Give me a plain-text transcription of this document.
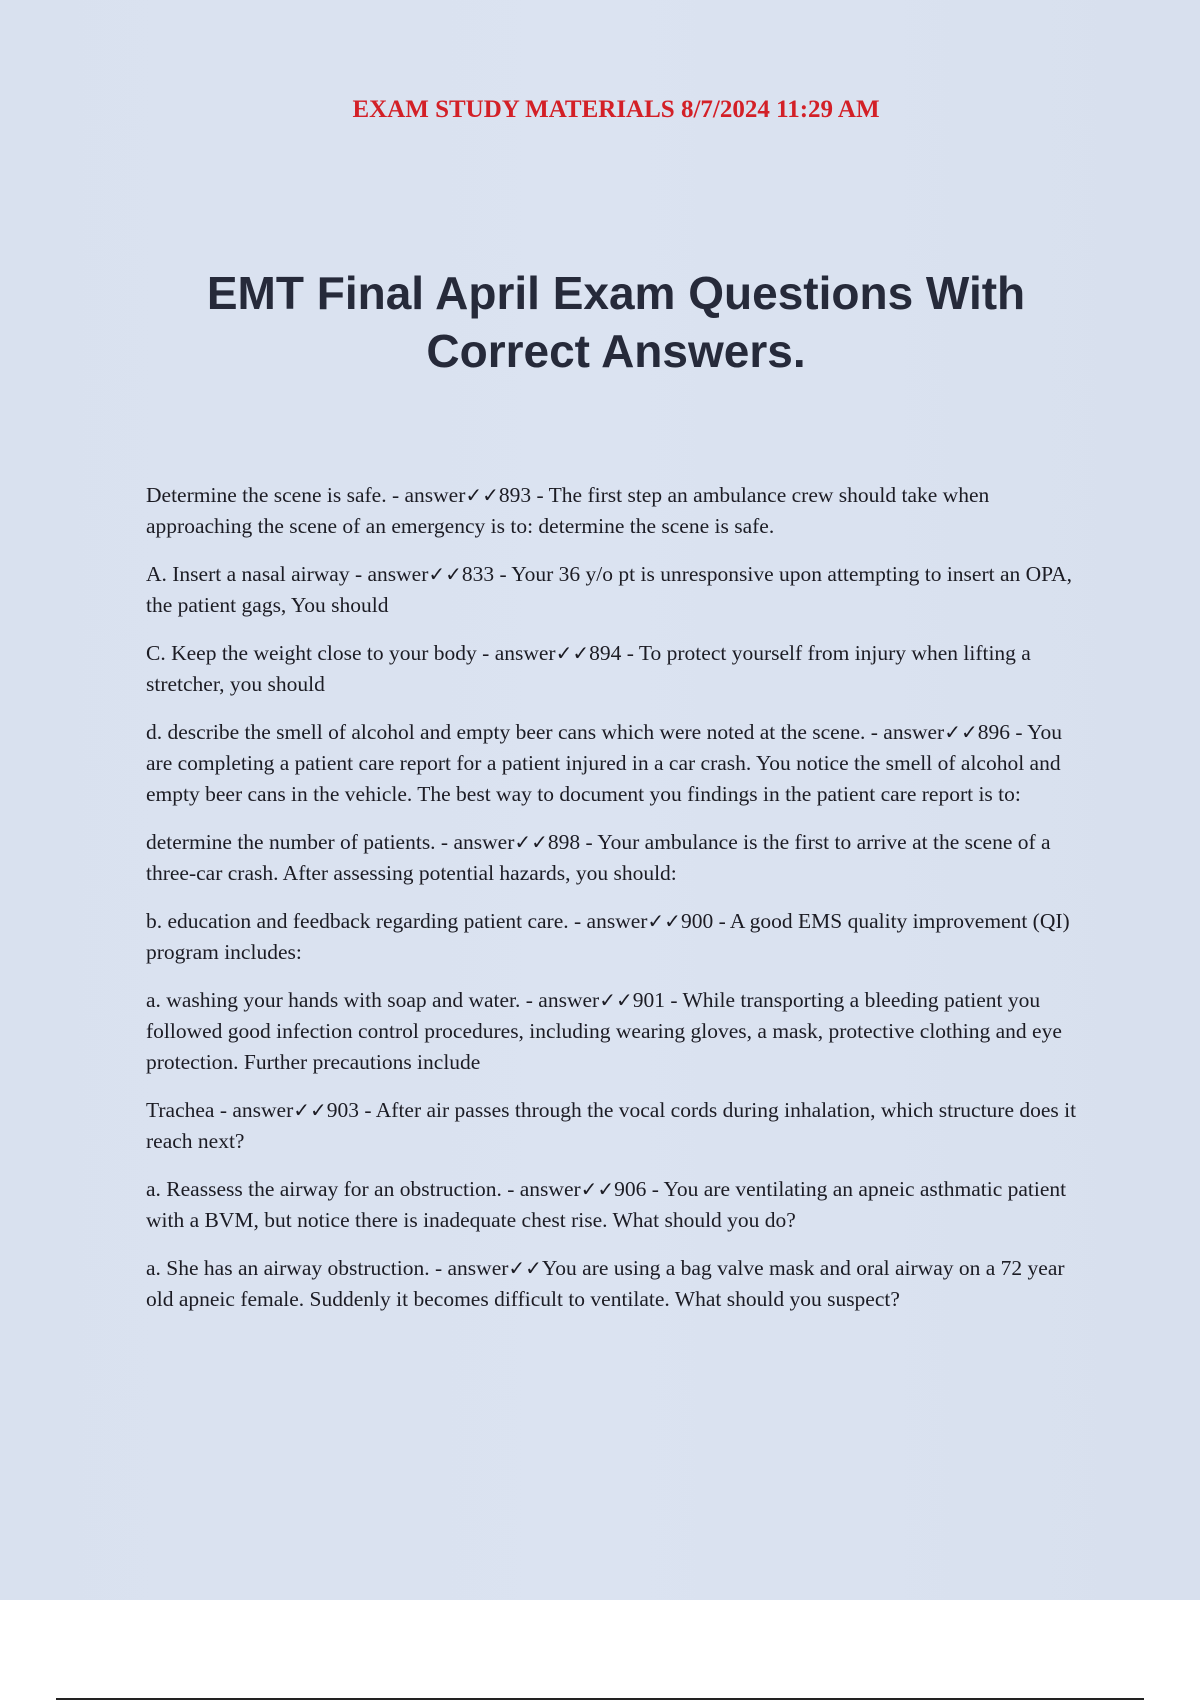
EXAM STUDY MATERIALS 8/7/2024 11:29 AM
EMT Final April Exam Questions With Correct Answers.
Determine the scene is safe. - answer✓✓893 - The first step an ambulance crew should take when approaching the scene of an emergency is to: determine the scene is safe.
A. Insert a nasal airway - answer✓✓833 - Your 36 y/o pt is unresponsive upon attempting to insert an OPA, the patient gags, You should
C. Keep the weight close to your body - answer✓✓894 - To protect yourself from injury when lifting a stretcher, you should
d. describe the smell of alcohol and empty beer cans which were noted at the scene. - answer✓✓896 - You are completing a patient care report for a patient injured in a car crash. You notice the smell of alcohol and empty beer cans in the vehicle. The best way to document you findings in the patient care report is to:
determine the number of patients. - answer✓✓898 - Your ambulance is the first to arrive at the scene of a three-car crash. After assessing potential hazards, you should:
b. education and feedback regarding patient care. - answer✓✓900 - A good EMS quality improvement (QI) program includes:
a. washing your hands with soap and water. - answer✓✓901 - While transporting a bleeding patient you followed good infection control procedures, including wearing gloves, a mask, protective clothing and eye protection. Further precautions include
Trachea - answer✓✓903 - After air passes through the vocal cords during inhalation, which structure does it reach next?
a. Reassess the airway for an obstruction. - answer✓✓906 - You are ventilating an apneic asthmatic patient with a BVM, but notice there is inadequate chest rise. What should you do?
a. She has an airway obstruction. - answer✓✓You are using a bag valve mask and oral airway on a 72 year old apneic female. Suddenly it becomes difficult to ventilate. What should you suspect?
